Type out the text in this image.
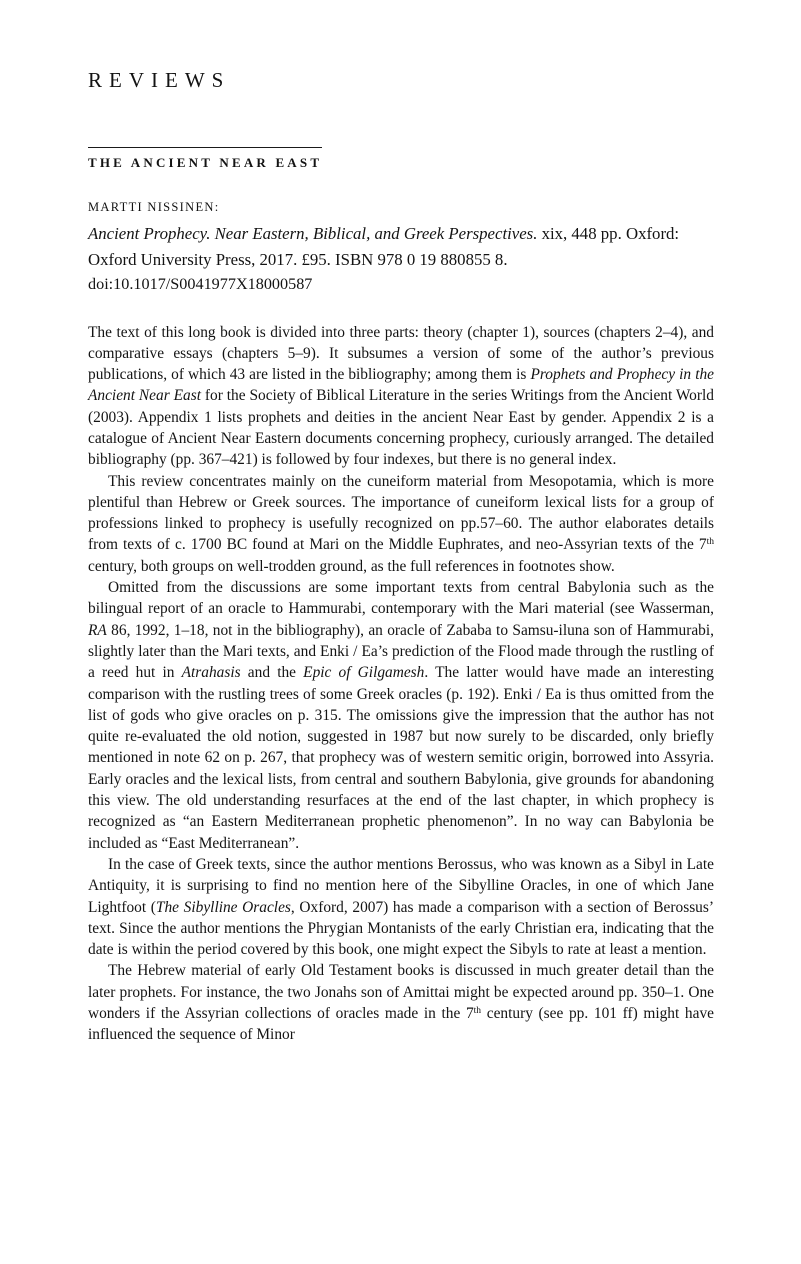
REVIEWS
THE ANCIENT NEAR EAST
MARTTI NISSINEN:
Ancient Prophecy. Near Eastern, Biblical, and Greek Perspectives. xix, 448 pp. Oxford: Oxford University Press, 2017. £95. ISBN 978 0 19 880855 8.
doi:10.1017/S0041977X18000587

The text of this long book is divided into three parts: theory (chapter 1), sources (chapters 2–4), and comparative essays (chapters 5–9). It subsumes a version of some of the author’s previous publications, of which 43 are listed in the bibliography; among them is Prophets and Prophecy in the Ancient Near East for the Society of Biblical Literature in the series Writings from the Ancient World (2003). Appendix 1 lists prophets and deities in the ancient Near East by gender. Appendix 2 is a catalogue of Ancient Near Eastern documents concerning prophecy, curiously arranged. The detailed bibliography (pp. 367–421) is followed by four indexes, but there is no general index.

This review concentrates mainly on the cuneiform material from Mesopotamia, which is more plentiful than Hebrew or Greek sources. The importance of cuneiform lexical lists for a group of professions linked to prophecy is usefully recognized on pp.57–60. The author elaborates details from texts of c. 1700 BC found at Mari on the Middle Euphrates, and neo-Assyrian texts of the 7th century, both groups on well-trodden ground, as the full references in footnotes show.

Omitted from the discussions are some important texts from central Babylonia such as the bilingual report of an oracle to Hammurabi, contemporary with the Mari material (see Wasserman, RA 86, 1992, 1–18, not in the bibliography), an oracle of Zababa to Samsu-iluna son of Hammurabi, slightly later than the Mari texts, and Enki / Ea’s prediction of the Flood made through the rustling of a reed hut in Atrahasis and the Epic of Gilgamesh. The latter would have made an interesting comparison with the rustling trees of some Greek oracles (p. 192). Enki / Ea is thus omitted from the list of gods who give oracles on p. 315. The omissions give the impression that the author has not quite re-evaluated the old notion, suggested in 1987 but now surely to be discarded, only briefly mentioned in note 62 on p. 267, that prophecy was of western semitic origin, borrowed into Assyria. Early oracles and the lexical lists, from central and southern Babylonia, give grounds for abandoning this view. The old understanding resurfaces at the end of the last chapter, in which prophecy is recognized as “an Eastern Mediterranean prophetic phenomenon”. In no way can Babylonia be included as “East Mediterranean”.

In the case of Greek texts, since the author mentions Berossus, who was known as a Sibyl in Late Antiquity, it is surprising to find no mention here of the Sibylline Oracles, in one of which Jane Lightfoot (The Sibylline Oracles, Oxford, 2007) has made a comparison with a section of Berossus’ text. Since the author mentions the Phrygian Montanists of the early Christian era, indicating that the date is within the period covered by this book, one might expect the Sibyls to rate at least a mention.

The Hebrew material of early Old Testament books is discussed in much greater detail than the later prophets. For instance, the two Jonahs son of Amittai might be expected around pp. 350–1. One wonders if the Assyrian collections of oracles made in the 7th century (see pp. 101 ff) might have influenced the sequence of Minor
